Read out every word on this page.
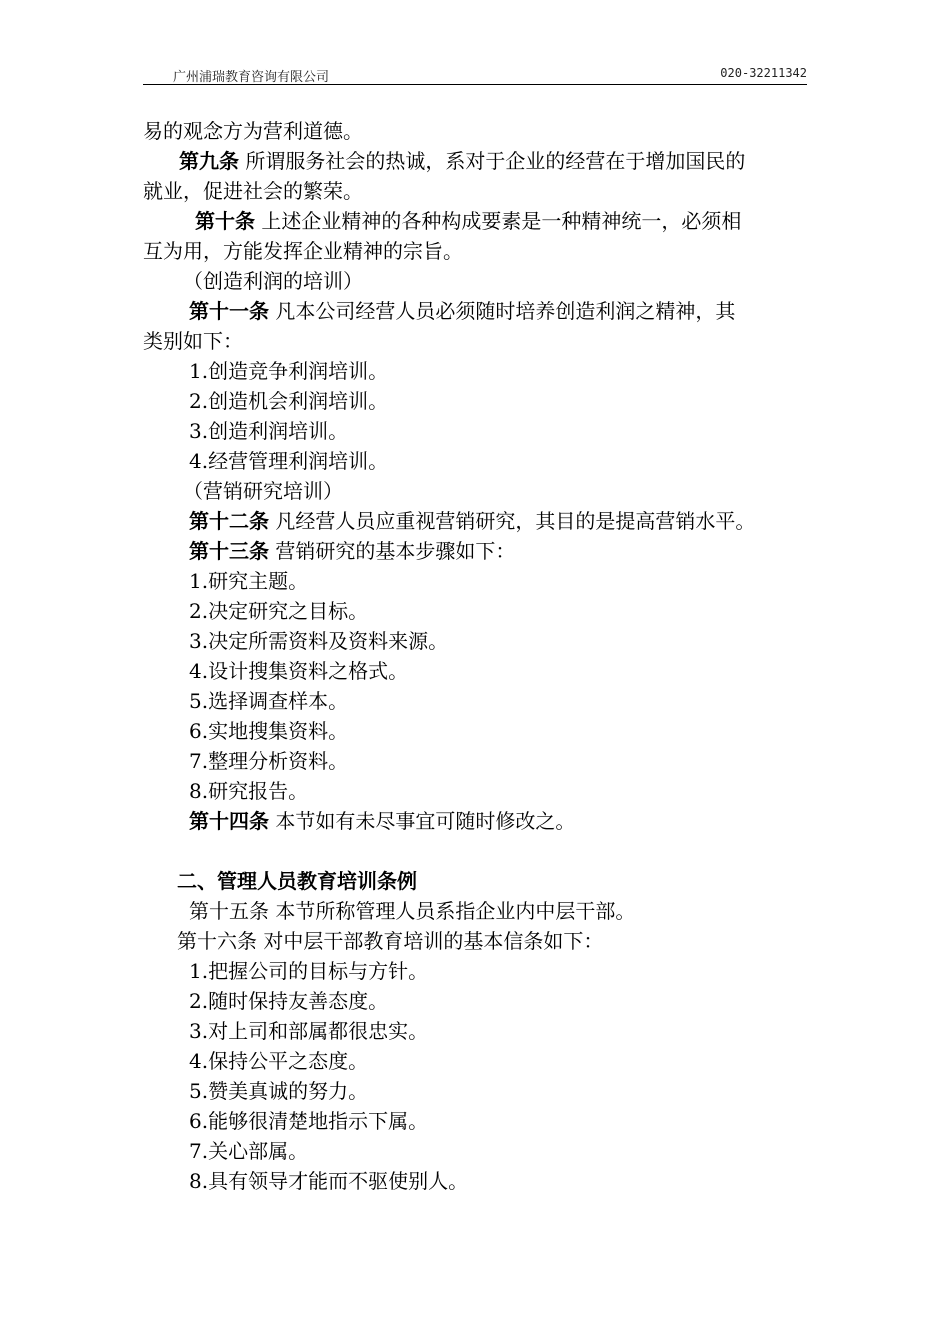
广州浦瑞教育咨询有限公司	020-32211342
易的观念方为营利道德。
第九条 所谓服务社会的热诚，系对于企业的经营在于增加国民的
就业，促进社会的繁荣。
第十条 上述企业精神的各种构成要素是一种精神统一，必须相
互为用，方能发挥企业精神的宗旨。
（创造利润的培训）
第十一条 凡本公司经营人员必须随时培养创造利润之精神，其
类别如下：
1.创造竞争利润培训。
2.创造机会利润培训。
3.创造利润培训。
4.经营管理利润培训。
（营销研究培训）
第十二条 凡经营人员应重视营销研究，其目的是提高营销水平。
第十三条 营销研究的基本步骤如下：
1.研究主题。
2.决定研究之目标。
3.决定所需资料及资料来源。
4.设计搜集资料之格式。
5.选择调查样本。
6.实地搜集资料。
7.整理分析资料。
8.研究报告。
第十四条 本节如有未尽事宜可随时修改之。
二、管理人员教育培训条例
第十五条 本节所称管理人员系指企业内中层干部。
第十六条 对中层干部教育培训的基本信条如下：
1.把握公司的目标与方针。
2.随时保持友善态度。
3.对上司和部属都很忠实。
4.保持公平之态度。
5.赞美真诚的努力。
6.能够很清楚地指示下属。
7.关心部属。
8.具有领导才能而不驱使别人。
